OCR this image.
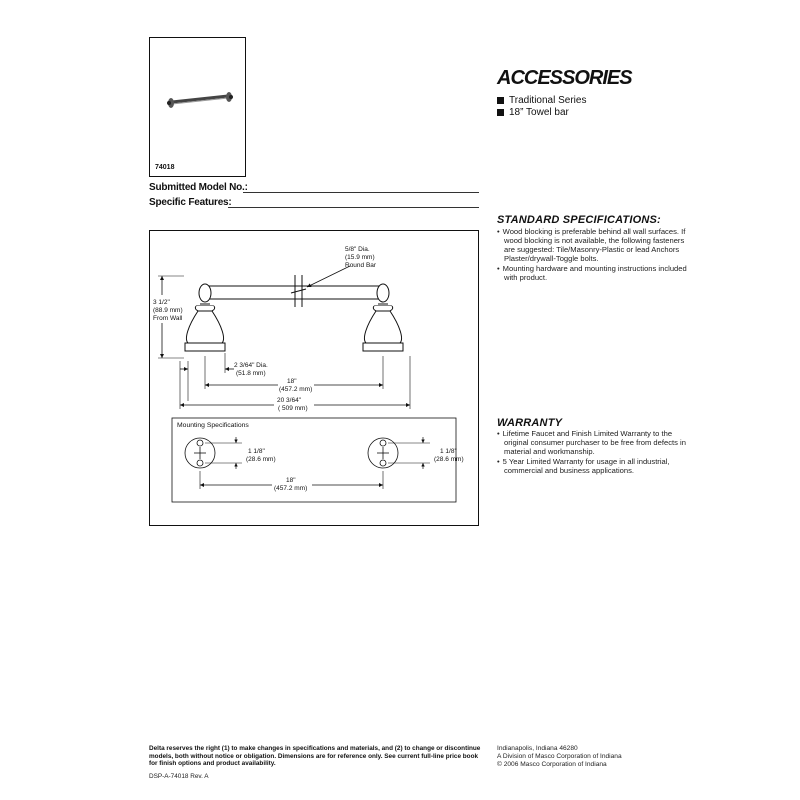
74018
Submitted Model No.:
Specific Features:
ACCESSORIES
Traditional Series
18” Towel bar
STANDARD SPECIFICATIONS:
• Wood blocking is preferable behind all wall surfaces. If wood blocking is not available, the following fasteners are suggested: Tile/Masonry-Plastic or lead Anchors Plaster/drywall-Toggle bolts.
• Mounting hardware and mounting instructions included with product.
WARRANTY
• Lifetime Faucet and Finish Limited Warranty to the original consumer purchaser to be free from defects in material and workmanship.
• 5 Year Limited Warranty for usage in all industrial, commercial and business applications.
5/8" Dia.
(15.9 mm)
Round Bar
3 1/2"
(88.9 mm)
From Wall
2 3/64" Dia.
(51.8 mm)
18"
(457.2 mm)
20 3/64"
( 509 mm)
Mounting Specifications
1 1/8"
(28.6 mm)
1 1/8"
(28.6 mm)
18"
(457.2 mm)
Delta reserves the right (1) to make changes in specifications and materials, and (2) to change or discontinue models, both without notice or obligation. Dimensions are for reference only. See current full-line price book for finish options and product availability.
DSP-A-74018 Rev. A
Indianapolis, Indiana 46280
A Division of Masco Corporation of Indiana
© 2006 Masco Corporation of Indiana
